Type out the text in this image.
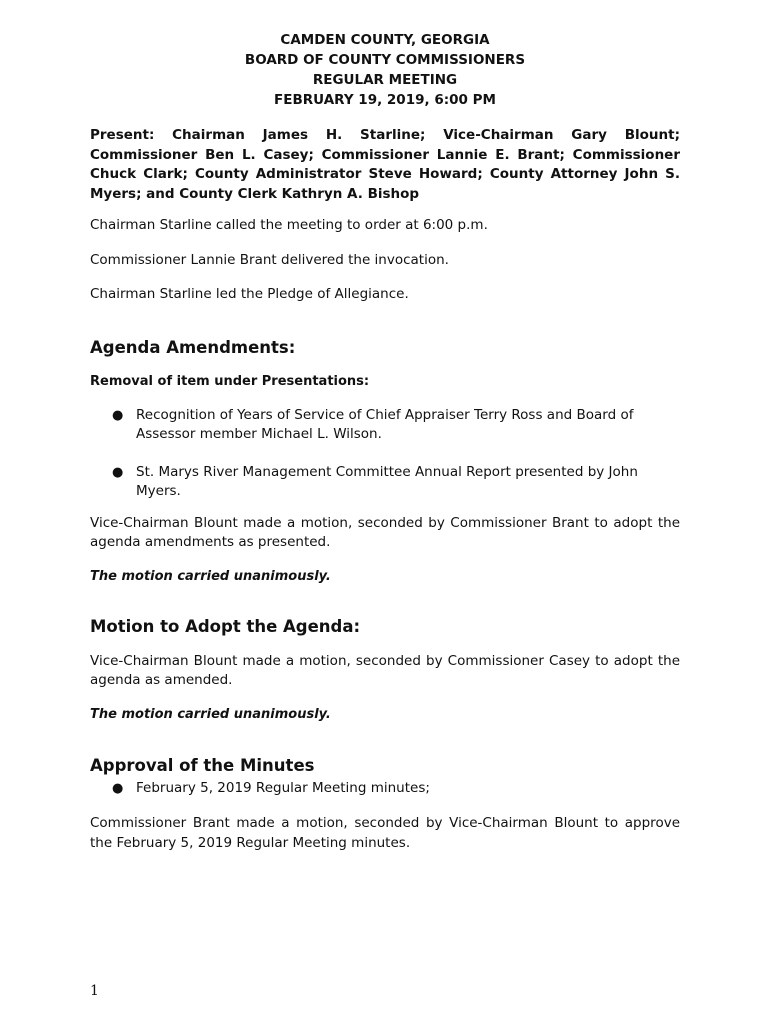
CAMDEN COUNTY, GEORGIA
BOARD OF COUNTY COMMISSIONERS
REGULAR MEETING
FEBRUARY 19, 2019, 6:00 PM
Present: Chairman James H. Starline; Vice-Chairman Gary Blount; Commissioner Ben L. Casey; Commissioner Lannie E. Brant; Commissioner Chuck Clark; County Administrator Steve Howard; County Attorney John S. Myers; and County Clerk Kathryn A. Bishop

Chairman Starline called the meeting to order at 6:00 p.m.

Commissioner Lannie Brant delivered the invocation.

Chairman Starline led the Pledge of Allegiance.

Agenda Amendments:
Removal of item under Presentations:
● Recognition of Years of Service of Chief Appraiser Terry Ross and Board of Assessor member Michael L. Wilson.
● St. Marys River Management Committee Annual Report presented by John Myers.

Vice-Chairman Blount made a motion, seconded by Commissioner Brant to adopt the agenda amendments as presented.

The motion carried unanimously.
Motion to Adopt the Agenda:

Vice-Chairman Blount made a motion, seconded by Commissioner Casey to adopt the agenda as amended.

The motion carried unanimously.
Approval of the Minutes
● February 5, 2019 Regular Meeting minutes;

Commissioner Brant made a motion, seconded by Vice-Chairman Blount to approve the February 5, 2019 Regular Meeting minutes.

1
